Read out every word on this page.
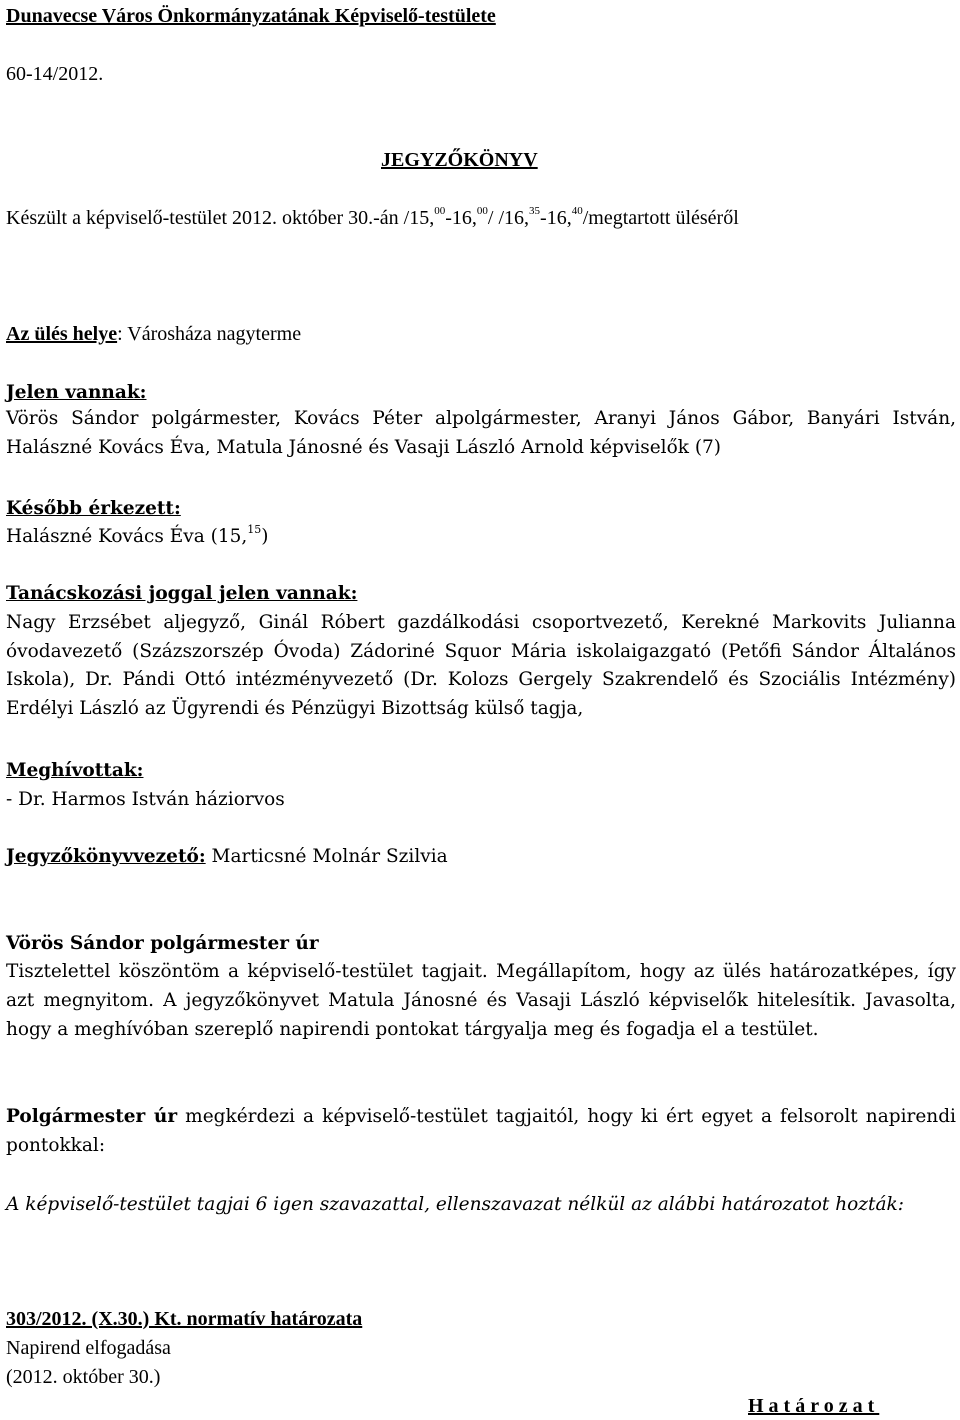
Dunavecse Város Önkormányzatának Képviselő-testülete

60-14/2012.

JEGYZŐKÖNYV

Készült a képviselő-testület 2012. október 30.-án /15,00-16,00/ /16,35-16,40/megtartott üléséről

Az ülés helye: Városháza nagyterme

Jelen vannak:

Vörös Sándor polgármester, Kovács Péter alpolgármester, Aranyi János Gábor, Banyári István, Halászné Kovács Éva, Matula Jánosné és Vasaji László Arnold képviselők (7)

Később érkezett:

Halászné Kovács Éva (15,15)

Tanácskozási joggal jelen vannak:

Nagy Erzsébet aljegyző, Ginál Róbert gazdálkodási csoportvezető, Kerekné Markovits Julianna óvodavezető (Százszorszép Óvoda) Zádoriné Squor Mária iskolaigazgató (Petőfi Sándor Általános Iskola), Dr. Pándi Ottó intézményvezető (Dr. Kolozs Gergely Szakrendelő és Szociális Intézmény) Erdélyi László az Ügyrendi és Pénzügyi Bizottság külső tagja,

Meghívottak:

- Dr. Harmos István háziorvos

Jegyzőkönyvvezető: Marticsné Molnár Szilvia

Vörös Sándor polgármester úr

Tisztelettel köszöntöm a képviselő-testület tagjait. Megállapítom, hogy az ülés határozatképes, így azt megnyitom. A jegyzőkönyvet Matula Jánosné és Vasaji László képviselők hitelesítik. Javasolta, hogy a meghívóban szereplő napirendi pontokat tárgyalja meg és fogadja el a testület.

Polgármester úr megkérdezi a képviselő-testület tagjaitól, hogy ki ért egyet a felsorolt napirendi pontokkal:

A képviselő-testület tagjai 6 igen szavazattal, ellenszavazat nélkül az alábbi határozatot hozták:

303/2012. (X.30.) Kt. normatív határozata

Napirend elfogadása

(2012. október 30.)

Határozat
